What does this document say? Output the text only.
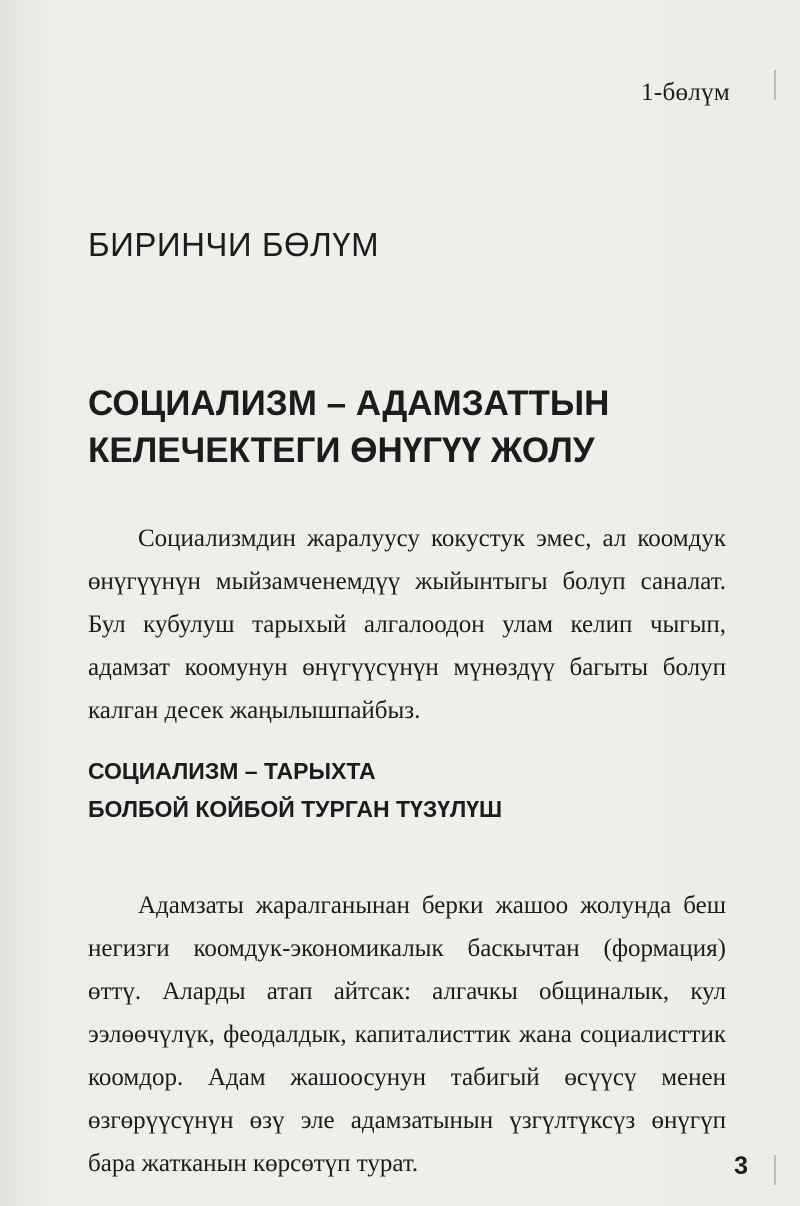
1-бөлүм
БИРИНЧИ БӨЛҮМ
СОЦИАЛИЗМ – АДАМЗАТТЫН
КЕЛЕЧЕКТЕГИ ӨНҮГҮҮ ЖОЛУ

Социализмдин жаралуусу кокустук эмес, ал коомдук өнүгүүнүн мыйзамченемдүү жыйынтыгы болуп саналат. Бул кубулуш тарыхый алгалоодон улам келип чыгып, адамзат коомунун өнүгүүсүнүн мүнөздүү багыты болуп калган десек жаңылышпайбыз.

СОЦИАЛИЗМ – ТАРЫХТА
БОЛБОЙ КОЙБОЙ ТУРГАН ТҮЗҮЛҮШ

Адамзаты жаралганынан берки жашоо жолунда беш негизги коомдук-экономикалык баскычтан (формация) өттү. Аларды атап айтсак: алгачкы общиналык, кул ээлөөчүлүк, феодалдык, капиталисттик жана социалисттик коомдор. Адам жашоосунун табигый өсүүсү менен өзгөрүүсүнүн өзү эле адамзатынын үзгүлтүксүз өнүгүп бара жатканын көрсөтүп турат.	3
